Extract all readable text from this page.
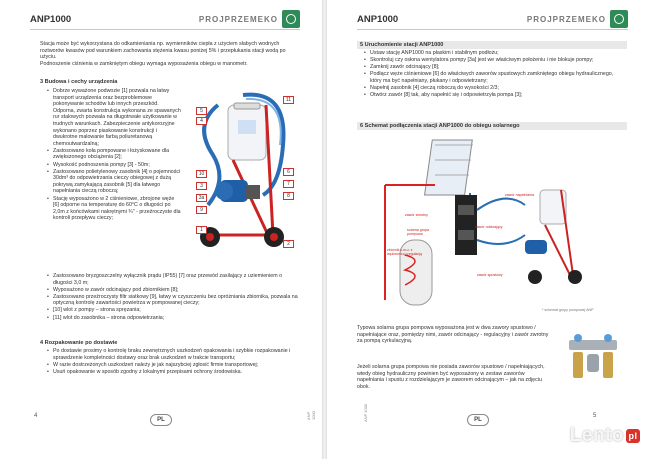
ANP1000	PROJPRZEMEKO

Stacja może być wykorzystana do odkamieniania np. wymienników ciepła z użyciem słabych wodnych roztworów kwasów pod warunkiem zachowania stężenia kwasu poniżej 5% i przepłukania stacji wodą po użyciu.

Podnoszenie ciśnienia w zamkniętym obiegu wymaga wyposażenia obiegu w manometr.

3 Budowa i cechy urządzenia
• Dobrze wyważone podwozie [1] pozwala na łatwy transport urządzenia oraz bezproblemowe pokonywanie schodów lub innych przeszkód. Odporna, zwarta konstrukcja wykonana ze spawanych rur stalowych pozwala na długotrwałe użytkowanie w trudnych warunkach. Zabezpieczenie antykorozyjne wykonano poprzez piaskowanie konstrukcji i dwukrotne malowanie farbą poliuretanową chemoutwardzalną;
• Zastosowano koła pompowane i łożyskowane dla zwiększonego obciążenia [2];
• Wysokość podnoszenia pompy [3] - 50m;
• Zastosowano polietylenowy zasobnik [4] o pojemności 30dm³ do odpowietrzania cieczy obiegowej z dużą pokrywą zamykającą zasobnik [5] dla łatwego napełniania cieczą roboczą;
• Stację wyposażono w 2 ciśnieniowe, zbrojone węże [6] odporne na temperaturę do 60°C o długości po 2,0m z końcówkami nakrętnymi ¾" - przeźroczyste dla kontroli przepływu cieczy;
11
5
4
6
7
8
10
3
3a
9
1
2
• Zastosowano bryzgoszczelny wyłącznik prądu (IP55) [7] oraz przewód zasilający z uziemieniem o długości 3,0 m;
• Wyposażono w zawór odcinający pod zbiornikiem [8];
• Zastosowano przeźroczysty filtr siatkowy [9], łatwy w czyszczeniu bez opróżniania zbiornika, pozwala na optyczną kontrolę zawartości powietrza w pompowanej cieczy;
• [10] wlot z pompy – strona spręzania;
• [11] wlot do zasobnika – strona odpowietrzania;
4 Rozpakowanie po dostawie
• Po dostawie prosimy o kontrolę braku zewnętrznych uszkodzeń opakowania i szybkie rozpakowanie i sprawdzenie kompletności dostawy oraz brak uszkodzeń w trakcie transportu;
• W razie dostrzeżonych uszkodzeń należy je jak najszybciej zgłosić firmie transportowej;
• Usuń opakowanie w sposób zgodny z lokalnymi przepisami ochrony środowiska.
4
PL	ANP 1000
ANP1000	PROJPRZEMEKO
5 Uruchomienie stacji ANP1000
• Ustaw stację ANP1000 na płaskim i stabilnym podłożu;
• Skontroluj czy osłona wentylatora pompy [3a] jest we właściwym położeniu i nie blokuje pompy;
• Zamknij zawór odcinający [8];
• Podłącz węże ciśnieniowe [6] do właściwych zaworów spustowych zamkniętego obiegu hydraulicznego, który ma być napełniany, płukany i odpowietrzany;
• Napełnij zasobnik [4] cieczą roboczą do wysokości 2/3;
• Otwórz zawór [8] tak, aby napełnić się i odpowietrzyła pompa [3];
6 Schemat podłączenia stacji ANP1000 do obiegu solarnego
zawór zwrotny
zawór napełniania
zawór odcinający
solarna grupa pompowa
zbiornik c.w.u. z wężownicą i regulacją
zawór spustowy
* schemat grupy pompowej ANP
Typowa solarna grupa pompowa wyposażona jest w dwa zawory spustowo / napełniające oraz, pomiędzy nimi, zawór odcinający - regulacyjny i zawór zwrotny za pompą cyrkulacyjną.
Jeżeli solarna grupa pompowa nie posiada zaworów spustowo / napełniających, wtedy obieg hydrauliczny powinien być wyposażony w zestaw zaworów napełniania i spustu z rozdzielającym je zaworem odcinającym – jak na zdjęciu obok.
PL
5
ANP 1000
Lento pl
